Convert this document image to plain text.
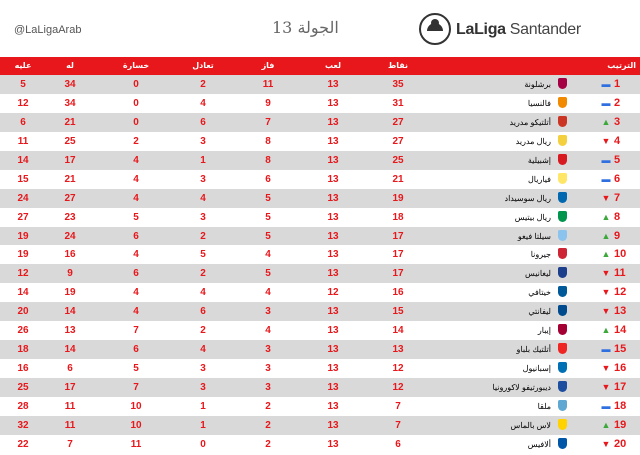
@LaLigaArab	الجولة 13	LaLiga Santander
الترتيب
نقاط
لعب
فاز
تعادل
خسارة
له
عليه
1
▬
برشلونة
35
13
11
2
0
34
5
2
▬
فالنسيا
31
13
9
4
0
34
12
3
▲
أتلتيكو مدريد
27
13
7
6
0
21
6
4
▼
ريال مدريد
27
13
8
3
2
25
11
5
▬
إشبيلية
25
13
8
1
4
17
14
6
▬
فياريال
21
13
6
3
4
21
15
7
▼
ريال سوسيداد
19
13
5
4
4
27
24
8
▲
ريال بيتيس
18
13
5
3
5
23
27
9
▲
سيلتا فيغو
17
13
5
2
6
24
19
10
▲
جيرونا
17
13
4
5
4
16
19
11
▼
ليغانيس
17
13
5
2
6
9
12
12
▼
خيتافي
16
12
4
4
4
19
14
13
▼
ليفانتي
15
13
3
6
4
14
20
14
▲
إيبار
14
13
4
2
7
13
26
15
▬
أتلتيك بلباو
13
13
3
4
6
14
18
16
▼
إسبانيول
12
13
3
3
5
6
16
17
▼
ديبورتيفو لاكورونيا
12
13
3
3
7
17
25
18
▬
ملقا
7
13
2
1
10
11
28
19
▲
لاس بالماس
7
13
2
1
10
11
32
20
▼
ألافيس
6
13
2
0
11
7
22
